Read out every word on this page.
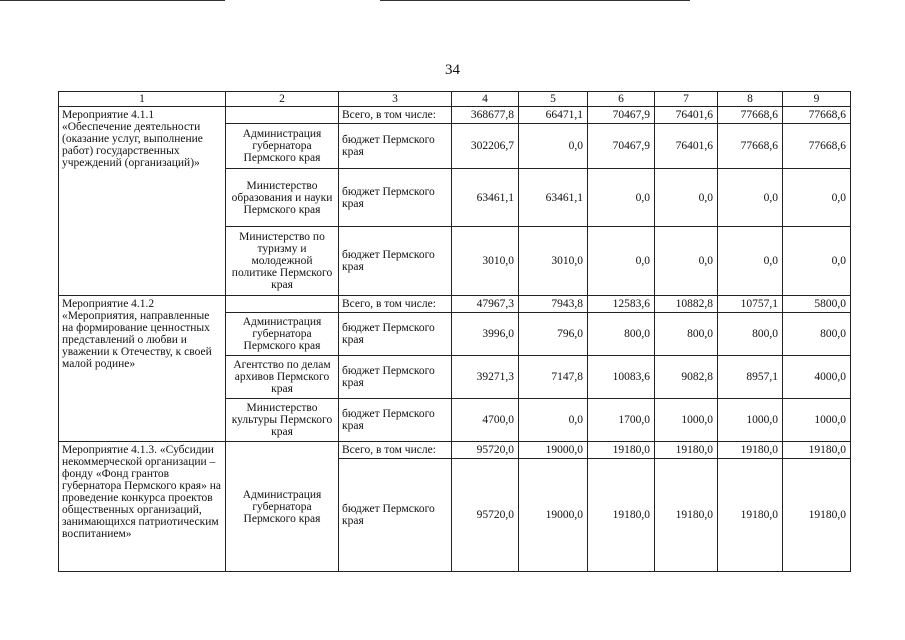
34
1	2	3	4	5	6	7	8	9
Мероприятие 4.1.1 «Обеспечение деятельности (оказание услуг, выполнение работ) государственных учреждений (организаций)»		Всего, в том числе:	368677,8	66471,1	70467,9	76401,6	77668,6	77668,6
	Администрация губернатора Пермского края	бюджет Пермского края	302206,7	0,0	70467,9	76401,6	77668,6	77668,6
	Министерство образования и науки Пермского края	бюджет Пермского края	63461,1	63461,1	0,0	0,0	0,0	0,0
	Министерство по туризму и молодежной политике Пермского края	бюджет Пермского края	3010,0	3010,0	0,0	0,0	0,0	0,0
Мероприятие 4.1.2 «Мероприятия, направленные на формирование ценностных представлений о любви и уважении к Отечеству, к своей малой родине»		Всего, в том числе:	47967,3	7943,8	12583,6	10882,8	10757,1	5800,0
	Администрация губернатора Пермского края	бюджет Пермского края	3996,0	796,0	800,0	800,0	800,0	800,0
	Агентство по делам архивов Пермского края	бюджет Пермского края	39271,3	7147,8	10083,6	9082,8	8957,1	4000,0
	Министерство культуры Пермского края	бюджет Пермского края	4700,0	0,0	1700,0	1000,0	1000,0	1000,0
Мероприятие 4.1.3. «Субсидии некоммерческой организации – фонду «Фонд грантов губернатора Пермского края» на проведение конкурса проектов общественных организаций, занимающихся патриотическим воспитанием»	Администрация губернатора Пермского края	Всего, в том числе:	95720,0	19000,0	19180,0	19180,0	19180,0	19180,0
		бюджет Пермского края	95720,0	19000,0	19180,0	19180,0	19180,0	19180,0
